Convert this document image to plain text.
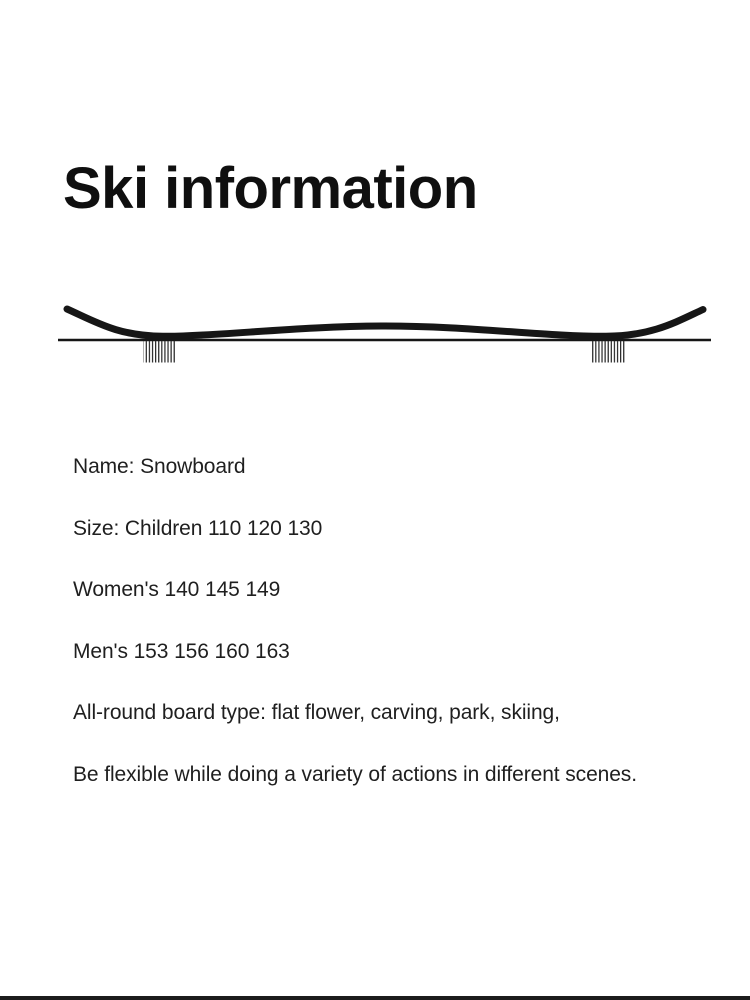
Ski information

Name: Snowboard

Size: Children 110 120 130

Women's 140 145 149

Men's 153 156 160 163

All-round board type: flat flower, carving, park, skiing,

Be flexible while doing a variety of actions in different scenes.
